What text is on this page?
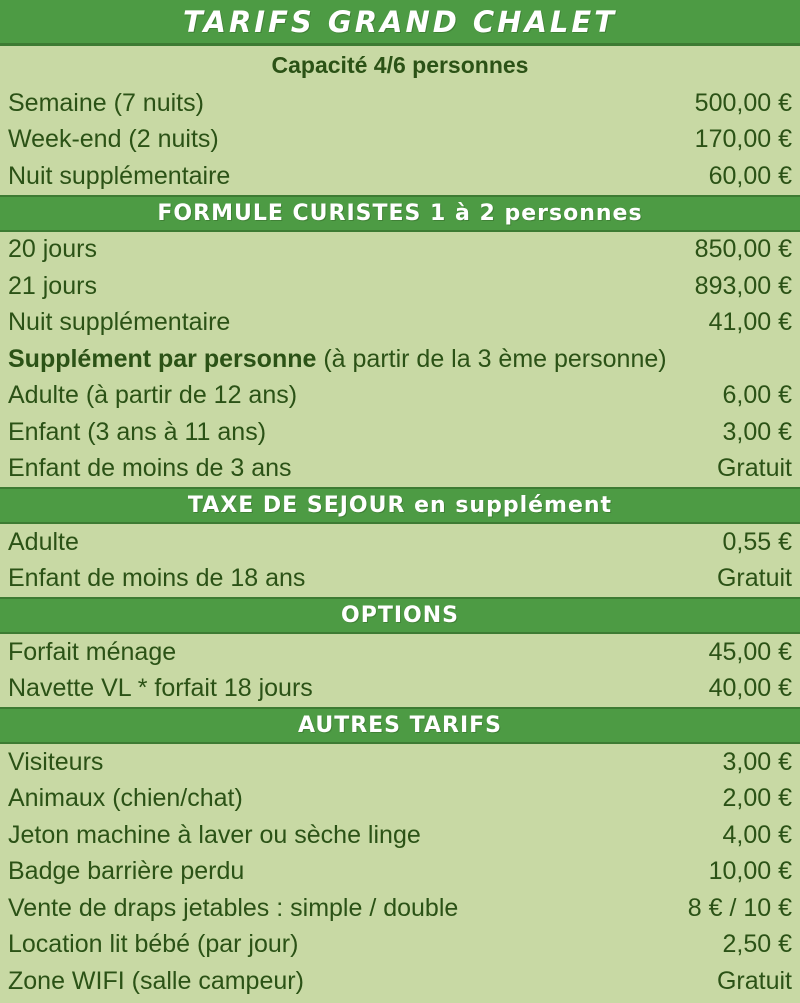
TARIFS GRAND CHALET
Capacité 4/6 personnes
Semaine (7 nuits)	500,00 €
Week-end (2 nuits)	170,00 €
Nuit supplémentaire	60,00 €
FORMULE CURISTES 1 à 2 personnes
20 jours	850,00 €
21 jours	893,00 €
Nuit supplémentaire	41,00 €
Supplément par personne (à partir de la 3 ème personne)
Adulte (à partir de 12 ans)	6,00 €
Enfant (3 ans à 11 ans)	3,00 €
Enfant de moins de 3 ans	Gratuit
TAXE DE SEJOUR en supplément
Adulte	0,55 €
Enfant de moins de 18 ans	Gratuit
OPTIONS
Forfait ménage	45,00 €
Navette VL * forfait 18 jours	40,00 €
AUTRES TARIFS
Visiteurs	3,00 €
Animaux (chien/chat)	2,00 €
Jeton machine à laver ou sèche linge	4,00 €
Badge barrière perdu	10,00 €
Vente de draps jetables : simple / double	8 € / 10 €
Location lit bébé (par jour)	2,50 €
Zone WIFI (salle campeur)	Gratuit
